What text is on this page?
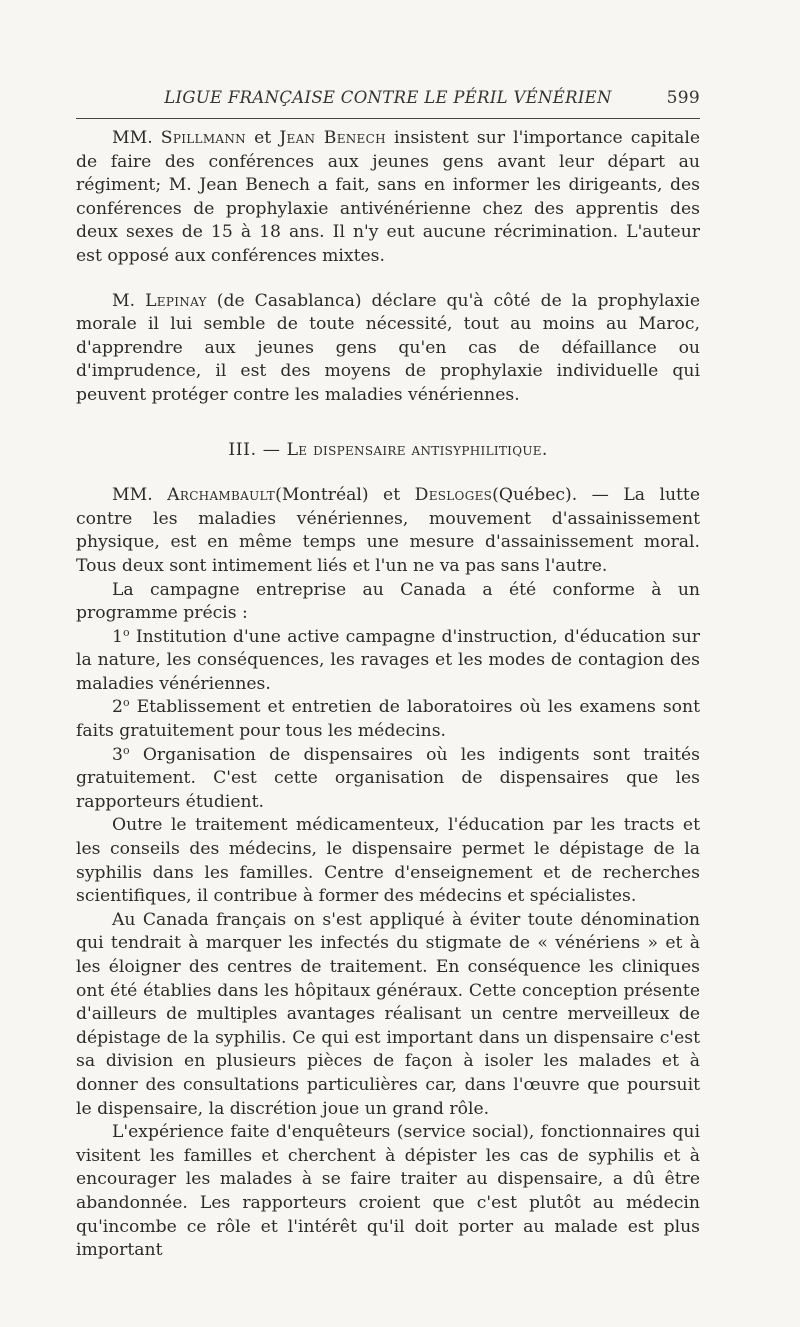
LIGUE FRANÇAISE CONTRE LE PÉRIL VÉNÉRIEN	599

MM. Spillmann et Jean Benech insistent sur l'importance capitale de faire des conférences aux jeunes gens avant leur départ au régiment; M. Jean Benech a fait, sans en informer les dirigeants, des conférences de prophylaxie antivénérienne chez des apprentis des deux sexes de 15 à 18 ans. Il n'y eut aucune récrimination. L'auteur est opposé aux conférences mixtes.

M. Lepinay (de Casablanca) déclare qu'à côté de la prophylaxie morale il lui semble de toute nécessité, tout au moins au Maroc, d'apprendre aux jeunes gens qu'en cas de défaillance ou d'imprudence, il est des moyens de prophylaxie individuelle qui peuvent protéger contre les maladies vénériennes.

III. — Le dispensaire antisyphilitique.

MM. Archambault(Montréal) et Desloges(Québec). — La lutte contre les maladies vénériennes, mouvement d'assainissement physique, est en même temps une mesure d'assainissement moral. Tous deux sont intimement liés et l'un ne va pas sans l'autre.

La campagne entreprise au Canada a été conforme à un programme précis :

1$^o$ Institution d'une active campagne d'instruction, d'éducation sur la nature, les conséquences, les ravages et les modes de contagion des maladies vénériennes.

2$^o$ Etablissement et entretien de laboratoires où les examens sont faits gratuitement pour tous les médecins.

3$^o$ Organisation de dispensaires où les indigents sont traités gratuitement. C'est cette organisation de dispensaires que les rapporteurs étudient.

Outre le traitement médicamenteux, l'éducation par les tracts et les conseils des médecins, le dispensaire permet le dépistage de la syphilis dans les familles. Centre d'enseignement et de recherches scientifiques, il contribue à former des médecins et spécialistes.

Au Canada français on s'est appliqué à éviter toute dénomination qui tendrait à marquer les infectés du stigmate de « vénériens » et à les éloigner des centres de traitement. En conséquence les cliniques ont été établies dans les hôpitaux généraux. Cette conception présente d'ailleurs de multiples avantages réalisant un centre merveilleux de dépistage de la syphilis. Ce qui est important dans un dispensaire c'est sa division en plusieurs pièces de façon à isoler les malades et à donner des consultations particulières car, dans l'œuvre que poursuit le dispensaire, la discrétion joue un grand rôle.

L'expérience faite d'enquêteurs (service social), fonctionnaires qui visitent les familles et cherchent à dépister les cas de syphilis et à encourager les malades à se faire traiter au dispensaire, a dû être abandonnée. Les rapporteurs croient que c'est plutôt au médecin qu'incombe ce rôle et l'intérêt qu'il doit porter au malade est plus important
